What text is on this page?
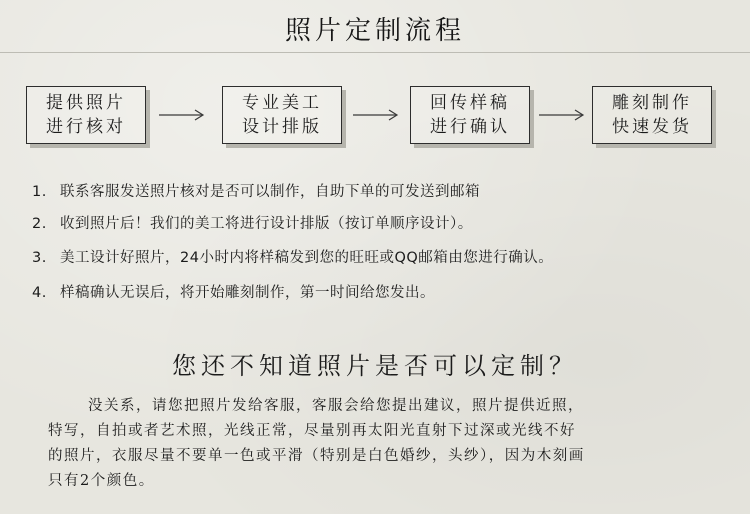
照片定制流程
提供照片
进行核对
专业美工
设计排版
回传样稿
进行确认
雕刻制作
快速发货
1. 联系客服发送照片核对是否可以制作，自助下单的可发送到邮箱
2. 收到照片后！我们的美工将进行设计排版（按订单顺序设计）。
3. 美工设计好照片，24小时内将样稿发到您的旺旺或QQ邮箱由您进行确认。
4. 样稿确认无误后，将开始雕刻制作，第一时间给您发出。
您还不知道照片是否可以定制？
没关系，请您把照片发给客服，客服会给您提出建议，照片提供近照，
特写，自拍或者艺术照，光线正常，尽量别再太阳光直射下过深或光线不好
的照片，衣服尽量不要单一色或平滑（特别是白色婚纱，头纱），因为木刻画
只有2个颜色。
